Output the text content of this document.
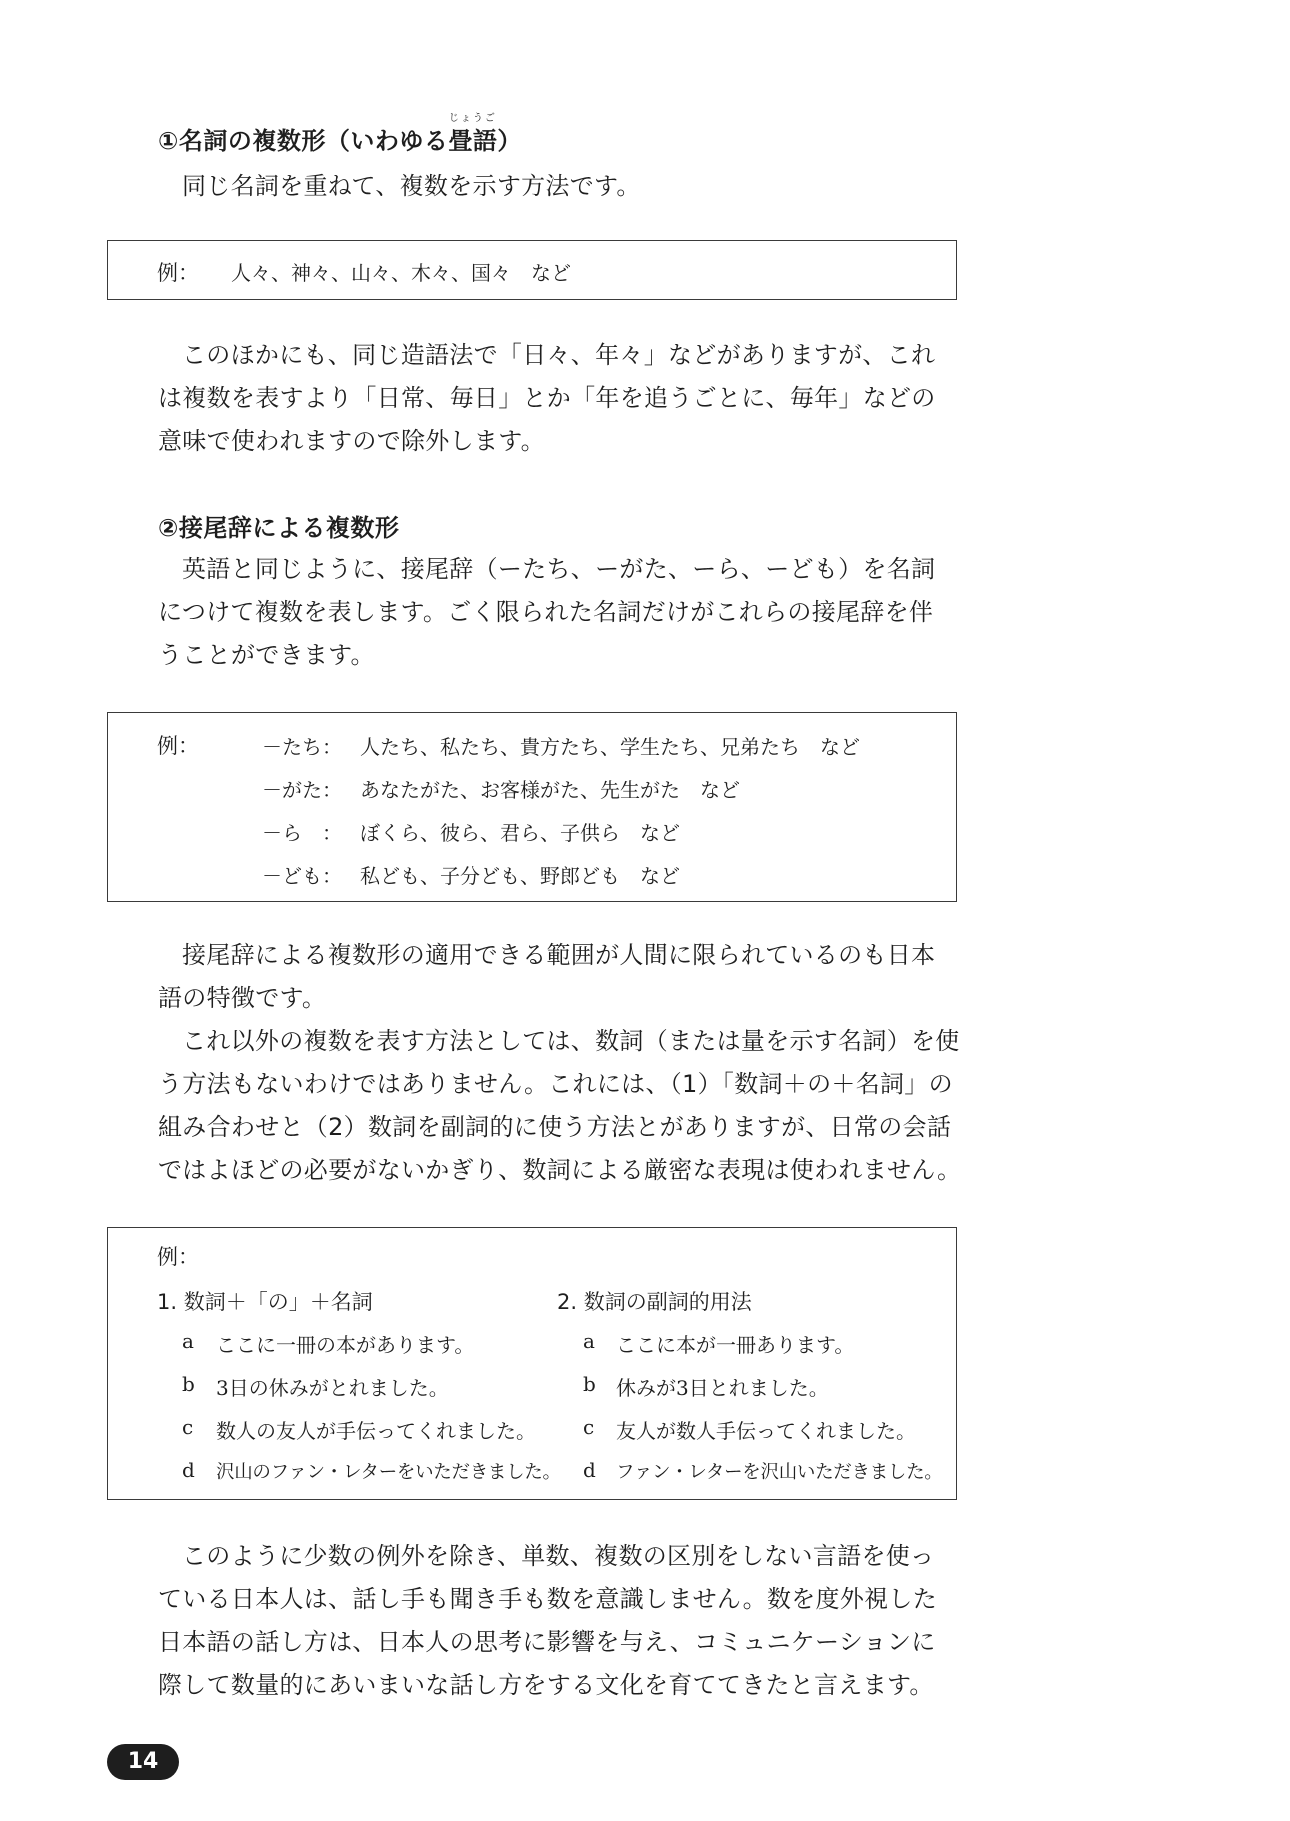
①名詞の複数形（いわゆる
じょうご
畳語）
同じ名詞を重ねて、複数を示す方法です。
例： 人々、神々、山々、木々、国々　など
このほかにも、同じ造語法で「日々、年々」などがありますが、これ
は複数を表すより「日常、毎日」とか「年を追うごとに、毎年」などの
意味で使われますので除外します。
②接尾辞による複数形
英語と同じように、接尾辞（ーたち、ーがた、ーら、ーども）を名詞
につけて複数を表します。ごく限られた名詞だけがこれらの接尾辞を伴
うことができます。
例：	－たち： 人たち、私たち、貴方たち、学生たち、兄弟たち　など
－がた： あなたがた、お客様がた、先生がた　など
－ら　： ぼくら、彼ら、君ら、子供ら　など
－ども： 私ども、子分ども、野郎ども　など
接尾辞による複数形の適用できる範囲が人間に限られているのも日本
語の特徴です。
これ以外の複数を表す方法としては、数詞（または量を示す名詞）を使
う方法もないわけではありません。これには、（1）「数詞＋の＋名詞」の
組み合わせと（2）数詞を副詞的に使う方法とがありますが、日常の会話
ではよほどの必要がないかぎり、数詞による厳密な表現は使われません。
例：
1. 数詞＋「の」＋名詞	2. 数詞の副詞的用法
a ここに一冊の本があります。
b 3日の休みがとれました。
c 数人の友人が手伝ってくれました。
d 沢山のファン・レターをいただきました。
a ここに本が一冊あります。
b 休みが3日とれました。
c 友人が数人手伝ってくれました。
d ファン・レターを沢山いただきました。
このように少数の例外を除き、単数、複数の区別をしない言語を使っ
ている日本人は、話し手も聞き手も数を意識しません。数を度外視した
日本語の話し方は、日本人の思考に影響を与え、コミュニケーションに
際して数量的にあいまいな話し方をする文化を育ててきたと言えます。
14
